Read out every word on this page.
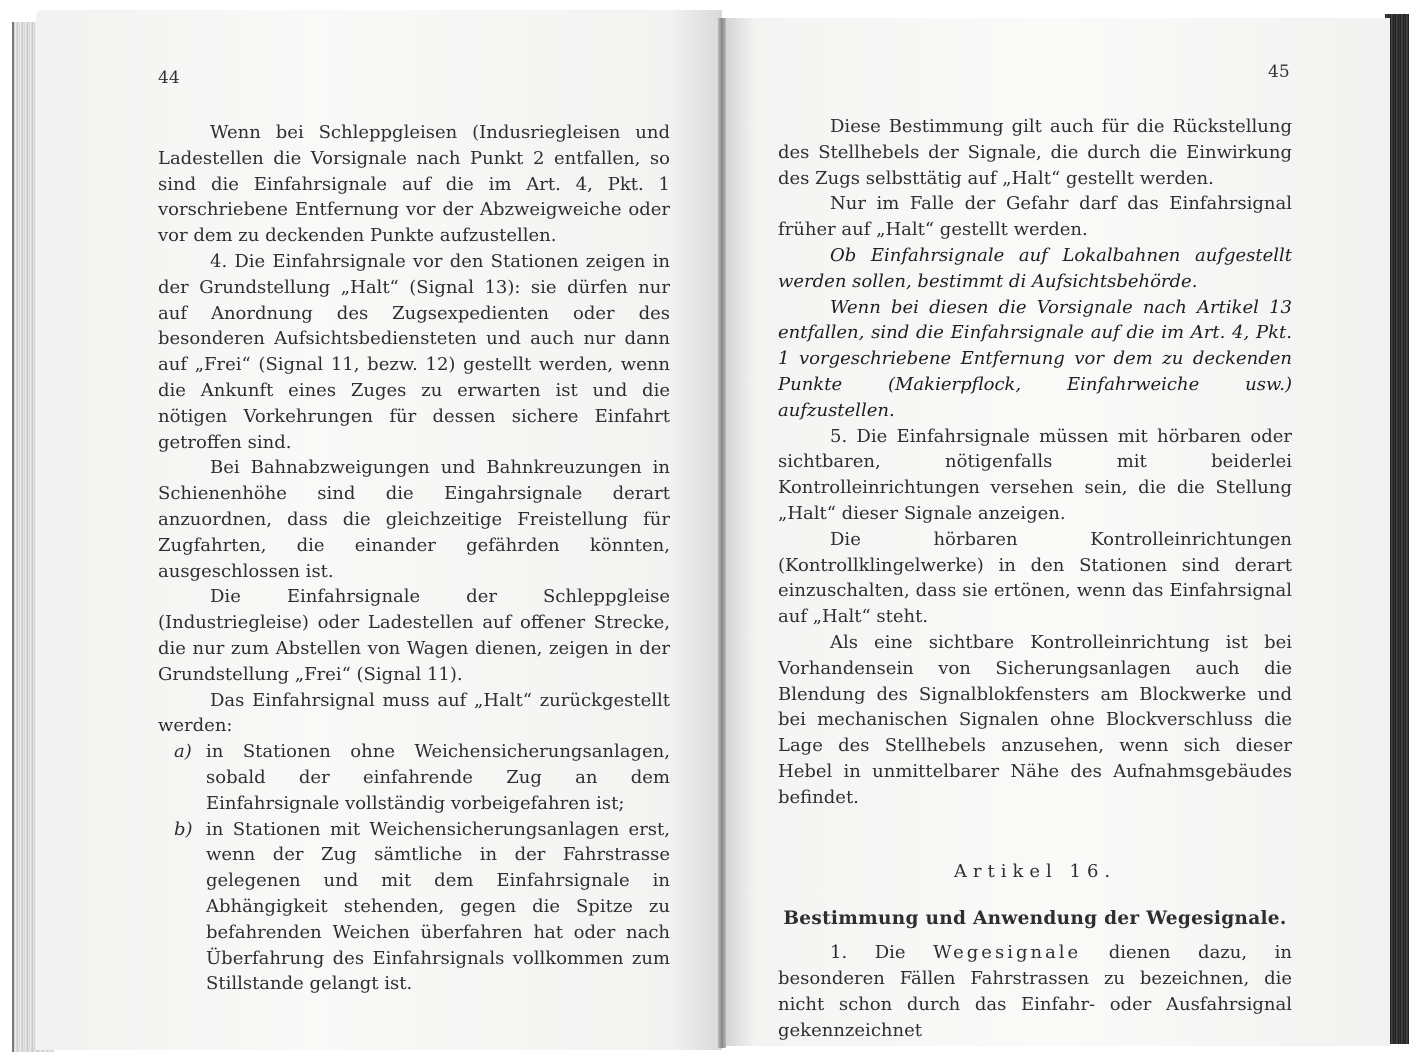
44	45

Wenn bei Schleppgleisen (Indusriegleisen und Ladestellen die Vorsignale nach Punkt 2 entfallen, so sind die Einfahrsignale auf die im Art. 4, Pkt. 1 vorschriebene Entfernung vor der Abzweigweiche oder vor dem zu deckenden Punkte aufzustellen.

4. Die Einfahrsignale vor den Stationen zeigen in der Grundstellung „Halt“ (Signal 13): sie dürfen nur auf Anordnung des Zugsexpedienten oder des besonderen Aufsichtsbediensteten und auch nur dann auf „Frei“ (Signal 11, bezw. 12) gestellt werden, wenn die Ankunft eines Zuges zu erwarten ist und die nötigen Vorkehrungen für dessen sichere Einfahrt getroffen sind.

Bei Bahnabzweigungen und Bahnkreuzungen in Schienenhöhe sind die Eingahrsignale derart anzuordnen, dass die gleichzeitige Freistellung für Zugfahrten, die einander gefährden könnten, ausgeschlossen ist.

Die Einfahrsignale der Schleppgleise (Industriegleise) oder Ladestellen auf offener Strecke, die nur zum Abstellen von Wagen dienen, zeigen in der Grundstellung „Frei“ (Signal 11).

Das Einfahrsignal muss auf „Halt“ zurückgestellt werden:

a) in Stationen ohne Weichensicherungsanlagen, sobald der einfahrende Zug an dem Einfahrsignale vollständig vorbeigefahren ist;
b) in Stationen mit Weichensicherungsanlagen erst, wenn der Zug sämtliche in der Fahrstrasse gelegenen und mit dem Einfahrsignale in Abhängigkeit stehenden, gegen die Spitze zu befahrenden Weichen überfahren hat oder nach Überfahrung des Einfahrsignals vollkommen zum Stillstande gelangt ist.

Diese Bestimmung gilt auch für die Rückstellung des Stellhebels der Signale, die durch die Einwirkung des Zugs selbsttätig auf „Halt“ gestellt werden.

Nur im Falle der Gefahr darf das Einfahrsignal früher auf „Halt“ gestellt werden.

Ob Einfahrsignale auf Lokalbahnen aufgestellt werden sollen, bestimmt di Aufsichtsbehörde.

Wenn bei diesen die Vorsignale nach Artikel 13 entfallen, sind die Einfahrsignale auf die im Art. 4, Pkt. 1 vorgeschriebene Entfernung vor dem zu deckenden Punkte (Makierpflock, Einfahrweiche usw.) aufzustellen.

5. Die Einfahrsignale müssen mit hörbaren oder sichtbaren, nötigenfalls mit beiderlei Kontrolleinrichtungen versehen sein, die die Stellung „Halt“ dieser Signale anzeigen.

Die hörbaren Kontrolleinrichtungen (Kontrollklingelwerke) in den Stationen sind derart einzuschalten, dass sie ertönen, wenn das Einfahrsignal auf „Halt“ steht.

Als eine sichtbare Kontrolleinrichtung ist bei Vorhandensein von Sicherungsanlagen auch die Blendung des Signalblokfensters am Blockwerke und bei mechanischen Signalen ohne Blockverschluss die Lage des Stellhebels anzusehen, wenn sich dieser Hebel in unmittelbarer Nähe des Aufnahmsgebäudes befindet.

Artikel 16.
Bestimmung und Anwendung der Wegesignale.

1. Die Wegesignale dienen dazu, in besonderen Fällen Fahrstrassen zu bezeichnen, die nicht schon durch das Einfahr- oder Ausfahrsignal gekennzeichnet
